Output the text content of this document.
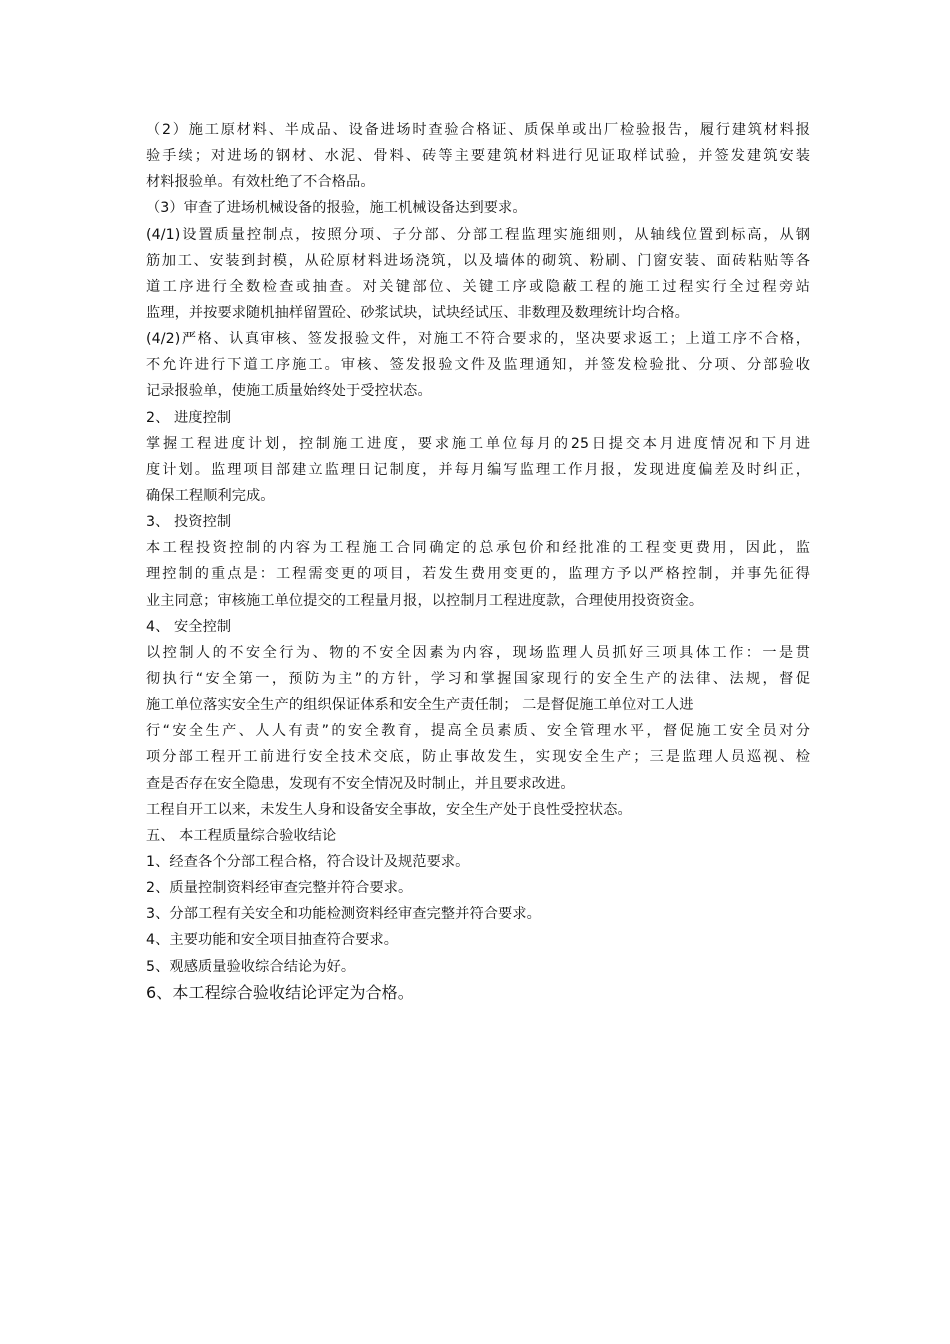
（2）施工原材料、半成品、设备进场时查验合格证、质保单或出厂检验报告，履行建筑材料报
验手续；对进场的钢材、水泥、骨料、砖等主要建筑材料进行见证取样试验，并签发建筑安装
材料报验单。有效杜绝了不合格品。
（3）审查了进场机械设备的报验，施工机械设备达到要求。
(4/1)设置质量控制点，按照分项、子分部、分部工程监理实施细则，从轴线位置到标高，从钢
筋加工、安装到封模，从砼原材料进场浇筑，以及墙体的砌筑、粉刷、门窗安装、面砖粘贴等各
道工序进行全数检查或抽查。对关键部位、关键工序或隐蔽工程的施工过程实行全过程旁站
监理，并按要求随机抽样留置砼、砂浆试块，试块经试压、非数理及数理统计均合格。
(4/2)严格、认真审核、签发报验文件，对施工不符合要求的，坚决要求返工；上道工序不合格，
不允许进行下道工序施工。审核、签发报验文件及监理通知，并签发检验批、分项、分部验收
记录报验单，使施工质量始终处于受控状态。
2、 进度控制
掌握工程进度计划，控制施工进度，要求施工单位每月的25日提交本月进度情况和下月进
度计划。监理项目部建立监理日记制度，并每月编写监理工作月报，发现进度偏差及时纠正，
确保工程顺利完成。
3、 投资控制
本工程投资控制的内容为工程施工合同确定的总承包价和经批准的工程变更费用，因此，监
理控制的重点是：工程需变更的项目，若发生费用变更的，监理方予以严格控制，并事先征得
业主同意；审核施工单位提交的工程量月报，以控制月工程进度款，合理使用投资资金。
4、 安全控制
以控制人的不安全行为、物的不安全因素为内容，现场监理人员抓好三项具体工作：一是贯
彻执行“安全第一，预防为主”的方针，学习和掌握国家现行的安全生产的法律、法规，督促
施工单位落实安全生产的组织保证体系和安全生产责任制； 二是督促施工单位对工人进
行“安全生产、人人有责”的安全教育，提高全员素质、安全管理水平，督促施工安全员对分
项分部工程开工前进行安全技术交底，防止事故发生，实现安全生产；三是监理人员巡视、检
查是否存在安全隐患，发现有不安全情况及时制止，并且要求改进。
工程自开工以来，未发生人身和设备安全事故，安全生产处于良性受控状态。
五、 本工程质量综合验收结论
1、经查各个分部工程合格，符合设计及规范要求。
2、质量控制资料经审查完整并符合要求。
3、分部工程有关安全和功能检测资料经审查完整并符合要求。
4、主要功能和安全项目抽查符合要求。
5、观感质量验收综合结论为好。
6、本工程综合验收结论评定为合格。
